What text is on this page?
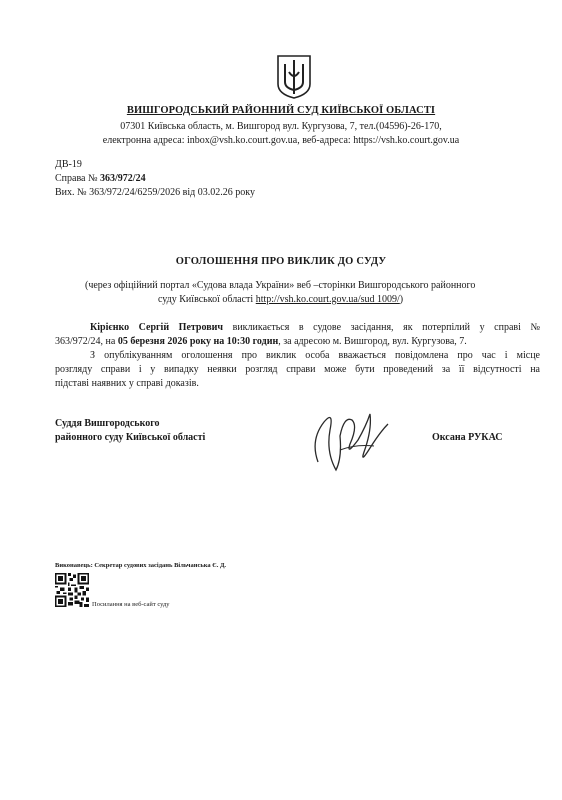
ВИШГОРОДСЬКИЙ РАЙОННИЙ СУД КИЇВСЬКОЇ ОБЛАСТІ
07301 Київська область, м. Вишгород вул. Кургузова, 7, тел.(04596)-26-170,
електронна адреса: inbox@vsh.ko.court.gov.ua, веб-адреса: https://vsh.ko.court.gov.ua
ДВ-19
Справа № 363/972/24
Вих. № 363/972/24/6259/2026 від 03.02.26 року
ОГОЛОШЕННЯ ПРО ВИКЛИК ДО СУДУ
(через офіційний портал «Судова влада України» веб –сторінки Вишгородського районного
суду Київської області http://vsh.ko.court.gov.ua/sud 1009/)
Кірієнко Сергій Петрович викликається в судове засідання, як потерпілий у справі №
363/972/24, на 05 березня 2026 року на 10:30 годин, за адресою м. Вишгород, вул. Кургузова, 7.
З опублікуванням оголошення про виклик особа вважається повідомлена про час і місце
розгляду справи і у випадку неявки розгляд справи може бути проведений за її відсутності на
підставі наявних у справі доказів.
Суддя Вишгородського
районного суду Київської області	Оксана РУКАС
Виконавець: Секретар судових засідань Вільчанська Є. Д.
Посилання на веб-сайт суду
